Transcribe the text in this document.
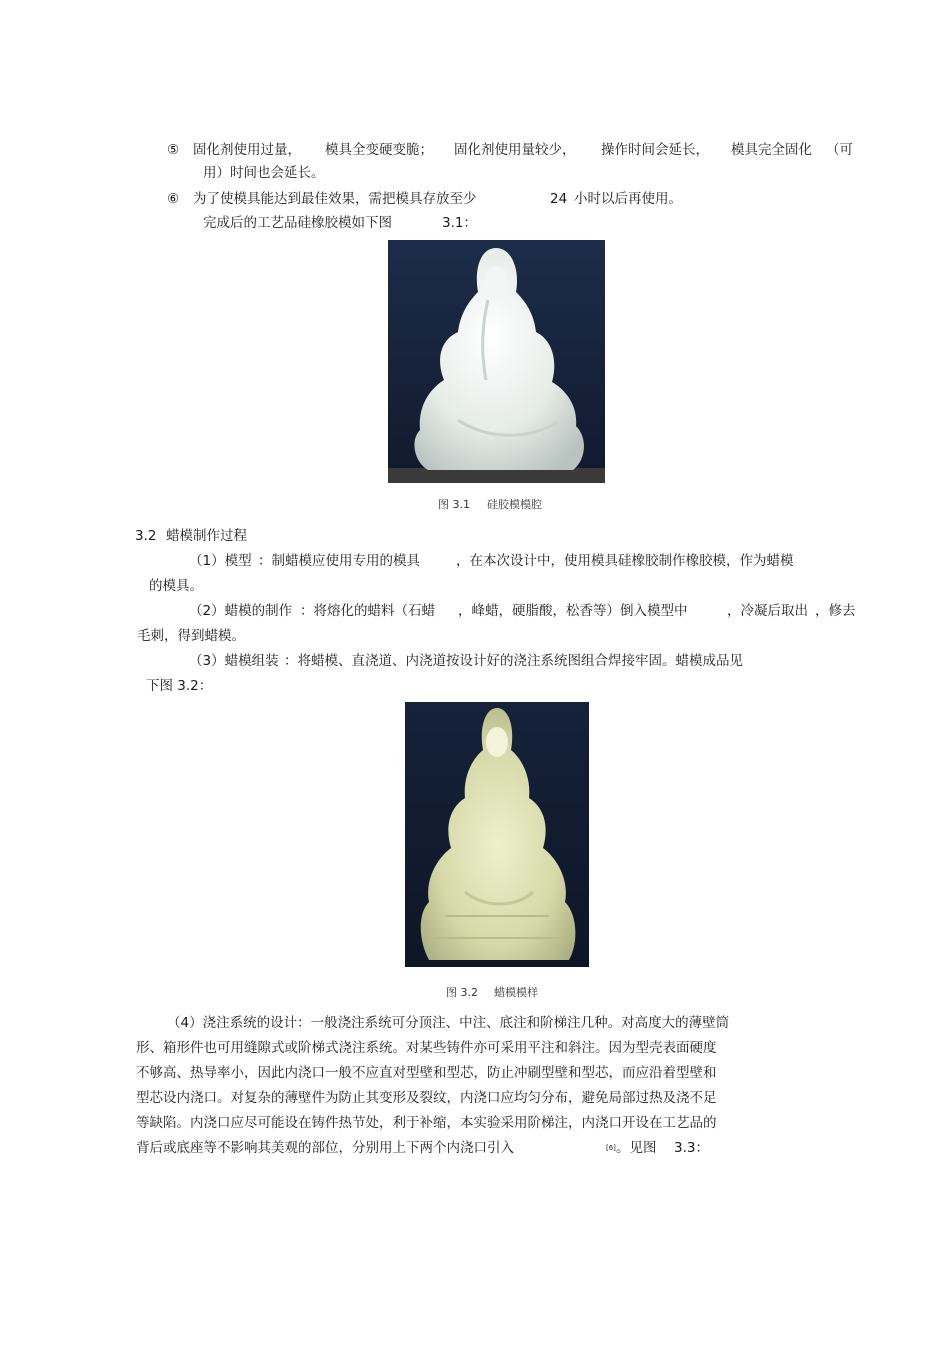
⑤ 固化剂使用过量， 模具全变硬变脆； 固化剂使用量较少， 操作时间会延长， 模具完全固化 （可
用）时间也会延长。
⑥ 为了使模具能达到最佳效果，需把模具存放至少	24 小时以后再使用。
完成后的工艺品硅橡胶模如下图	3.1：
图 3.1 硅胶模模腔
3.2 蜡模制作过程
（1）模型 ：制蜡模应使用专用的模具	，在本次设计中，使用模具硅橡胶制作橡胶模，作为蜡模
的模具。
（2）蜡模的制作 ：将熔化的蜡料（石蜡 ，峰蜡，硬脂酸，松香等）倒入模型中	，冷凝后取出 ，修去
毛刺，得到蜡模。
（3）蜡模组装 ：将蜡模、直浇道、内浇道按设计好的浇注系统图组合焊接牢固。蜡模成品见
下图 3.2：
图 3.2 蜡模模样
（4）浇注系统的设计：一般浇注系统可分顶注、中注、底注和阶梯注几种。对高度大的薄壁筒
形、箱形件也可用缝隙式或阶梯式浇注系统。对某些铸件亦可采用平注和斜注。因为型壳表面硬度
不够高、热导率小，因此内浇口一般不应直对型壁和型芯，防止冲刷型壁和型芯，而应沿着型壁和
型芯设内浇口。对复杂的薄壁件为防止其变形及裂纹，内浇口应均匀分布，避免局部过热及浇不足
等缺陷。内浇口应尽可能设在铸件热节处，利于补缩，本实验采用阶梯注，内浇口开设在工艺品的
背后或底座等不影响其美观的部位，分别用上下两个内浇口引入	$_{[6]}$ 。见图 3.3：
